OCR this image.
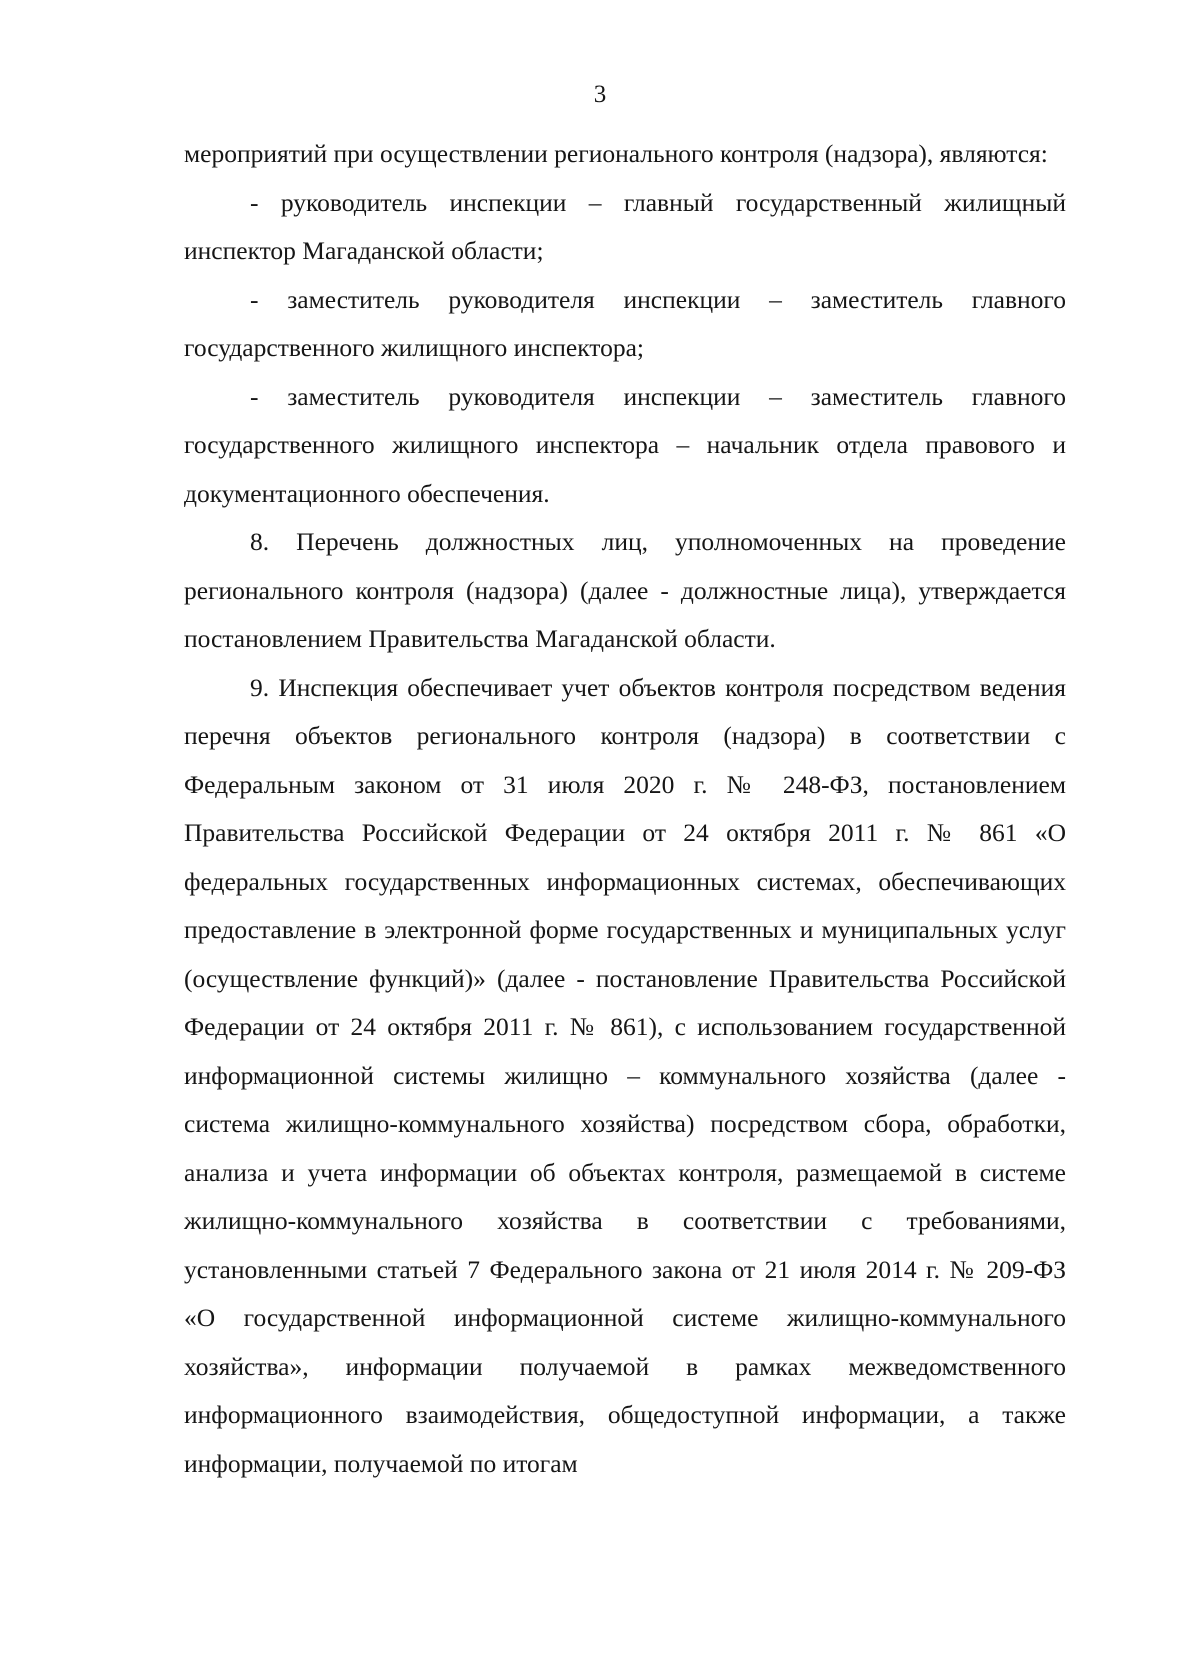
3

мероприятий при осуществлении регионального контроля (надзора), являются:

- руководитель инспекции – главный государственный жилищный инспектор Магаданской области;

- заместитель руководителя инспекции – заместитель главного государственного жилищного инспектора;

- заместитель руководителя инспекции – заместитель главного государственного жилищного инспектора – начальник отдела правового и документационного обеспечения.

8. Перечень должностных лиц, уполномоченных на проведение регионального контроля (надзора) (далее - должностные лица), утверждается постановлением Правительства Магаданской области.

9. Инспекция обеспечивает учет объектов контроля посредством ведения перечня объектов регионального контроля (надзора) в соответствии с Федеральным законом от 31 июля 2020 г. № 248-ФЗ, постановлением Правительства Российской Федерации от 24 октября 2011 г. № 861 «О федеральных государственных информационных системах, обеспечивающих предоставление в электронной форме государственных и муниципальных услуг (осуществление функций)» (далее - постановление Правительства Российской Федерации от 24 октября 2011 г. № 861), с использованием государственной информационной системы жилищно – коммунального хозяйства (далее - система жилищно-коммунального хозяйства) посредством сбора, обработки, анализа и учета информации об объектах контроля, размещаемой в системе жилищно-коммунального хозяйства в соответствии с требованиями, установленными статьей 7 Федерального закона от 21 июля 2014 г. № 209-ФЗ «О государственной информационной системе жилищно-коммунального хозяйства», информации получаемой в рамках межведомственного информационного взаимодействия, общедоступной информации, а также информации, получаемой по итогам
